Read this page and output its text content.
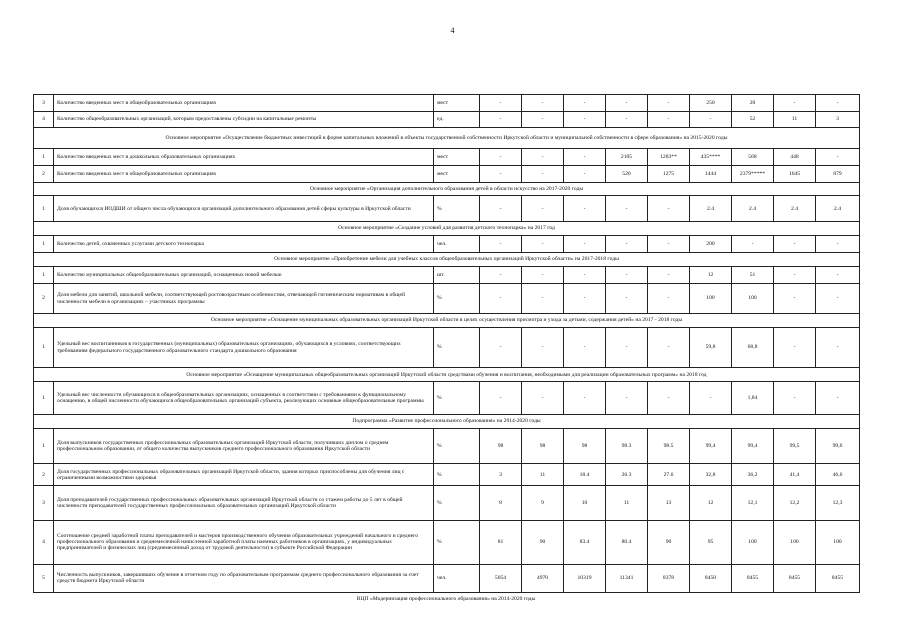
4
3	Количество введенных мест в общеобразовательных организациях	мест	-	-	-	-	-	250	20	-	-
4	Количество общеобразовательных организаций, которым предоставлены субсидии на капитальные ремонты	ед.	-	-	-	-	-	-	52	11	3
Основное мероприятие «Осуществление бюджетных инвестиций в форме капитальных вложений в объекты государственной собственности Иркутской области и муниципальной собственности в сфере образования» на 2015-2020 годы											
1	Количество введенных мест в дошкольных образовательных организациях	мест	-	-	-	2105	1283**	435****	568	448	-
2	Количество введенных мест в общеобразовательных организациях	мест	-	-	-	520	1275	1444	2379*****	1645	879
Основное мероприятие «Организация дополнительного образования детей в области искусство на 2017-2020 годы											
1	Доля обучающихся ИОДШИ от общего числа обучающихся организаций дополнительного образования детей сферы культуры в Иркутской области	%	-	-	-	-	-	2.4	2.4	2.4	2.4
Основное мероприятие «Создание условий для развития детского технопарка» на 2017 год											
1	Количество детей, охваченных услугами детского технопарка	чел.	-	-	-	-	-	200	-	-	-
Основное мероприятие «Приобретение мебели для учебных классов общеобразовательных организаций Иркутской области» на 2017-2018 годы											
1	Количество муниципальных общеобразовательных организаций, оснащенных новой мебелью	шт.	-	-	-	-	-	12	51	-	-
2	Доля мебели для занятий, школьной мебели, соответствующей ростовозрастным особенностям, отвечающей гигиеническим нормативам в общей численности мебели в организациях – участниках программы	%	-	-	-	-	-	100	100	-	-
Основное мероприятие «Оснащение муниципальных образовательных организаций Иркутской области в целях осуществления присмотра и ухода за детьми, содержания детей» на 2017 - 2018 годы											
1	Удельный вес воспитанников в государственных (муниципальных) образовательных организациях, обучающихся в условиях, соответствующих требованиям федерального государственного образовательного стандарта дошкольного образования	%	-	-	-	-	-	59,8	68,8	-	-
Основное мероприятие «Оснащение муниципальных общеобразовательных организаций Иркутской области средствами обучения и воспитания, необходимыми для реализации образовательных программ» на 2018 год											
1	Удельный вес численности обучающихся в общеобразовательных организациях, оснащенных в соответствии с требованиями к функциональному оснащению, в общей численности обучающихся общеобразовательных организаций субъекта, реализующих основные общеобразовательные программы	%	-	-	-	-	-	-	1,84	-	-
Подпрограмма «Развитие профессионального образования» на 2014-2020 годы											
1	Доля выпускников государственных профессиональных образовательных организаций Иркутской области, получивших диплом о среднем профессиональном образовании, от общего количества выпускников среднего профессионального образования Иркутской области	%	98	98	98	98.3	98.5	99,4	99,4	99,5	99,6
2	Доля государственных профессиональных образовательных организаций Иркутской области, здания которых приспособлены для обучения лиц с ограниченными возможностями здоровья	%	3	11	18.4	26.3	27.6	32,8	36,2	41,4	46,6
3	Доля преподавателей государственных профессиональных образовательных организаций Иркутской области со стажем работы до 5 лет в общей численности преподавателей государственных профессиональных образовательных организаций Иркутской области	%	8	9	10	11	13	12	12,1	12,2	12,3
4	Соотношение средней заработной платы преподавателей и мастеров производственного обучения образовательных учреждений начального и среднего профессионального образования и среднемесячной начисленной заработной платы наемных работников в организациях, у индивидуальных предпринимателей и физических лиц (среднемесячный доход от трудовой деятельности) в субъекте Российской Федерации	%	81	90	83.4	80.4	90	95	100	100	100
5	Численность выпускников, завершивших обучение в отчетном году по образовательным программам среднего профессионального образования за счет средств бюджета Иркутской области	чел.	5054	4970	10319	11341	8378	8450	8455	8455	8455
ВЦП «Модернизация профессионального образования» на 2014-2020 годы
